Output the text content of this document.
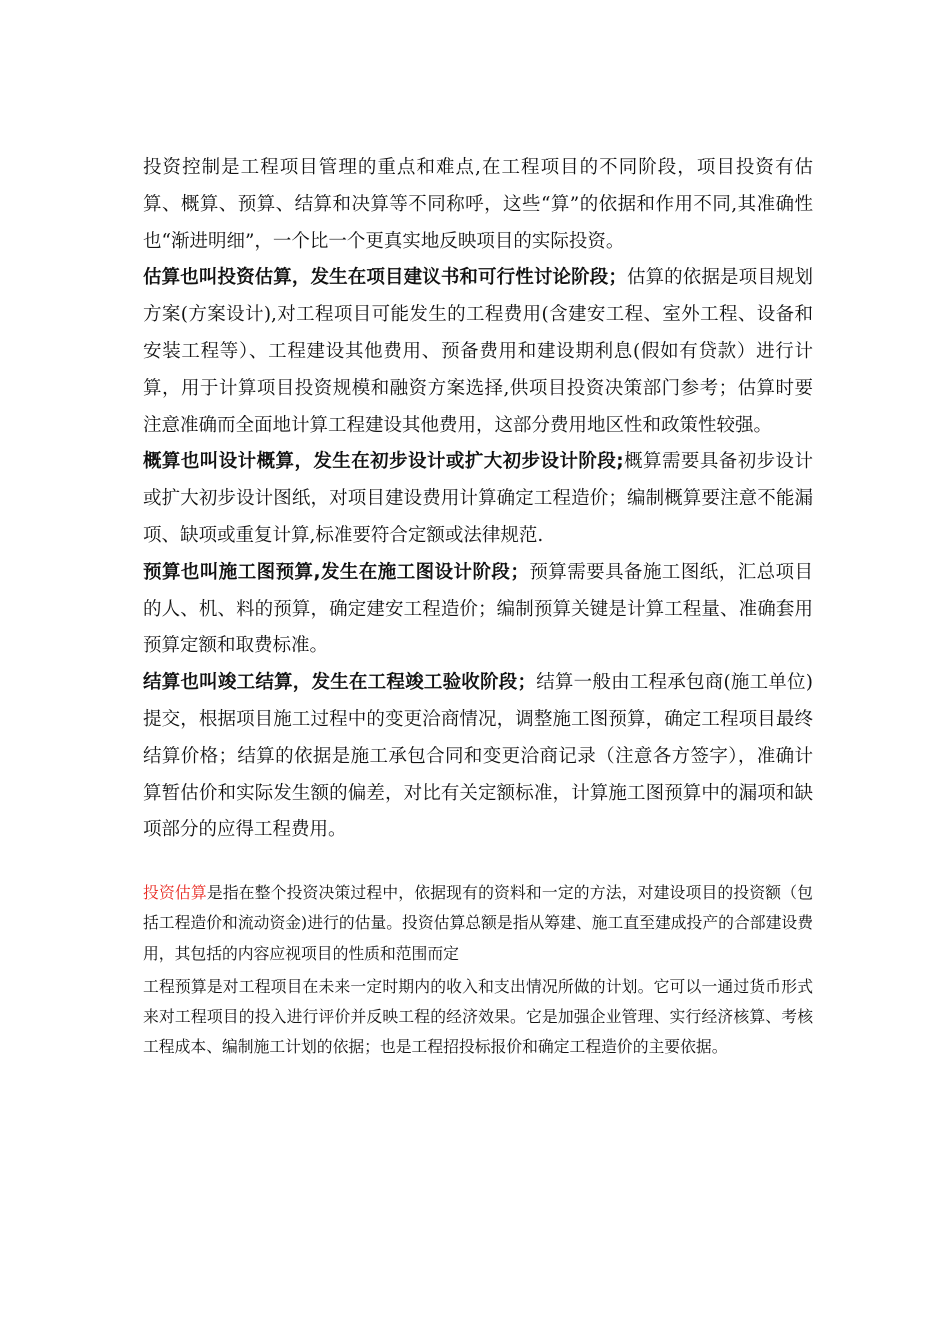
投资控制是工程项目管理的重点和难点,在工程项目的不同阶段，项目投资有估算、概算、预算、结算和决算等不同称呼，这些“算”的依据和作用不同,其准确性也“渐进明细”，一个比一个更真实地反映项目的实际投资。

估算也叫投资估算，发生在项目建议书和可行性讨论阶段；估算的依据是项目规划方案(方案设计),对工程项目可能发生的工程费用(含建安工程、室外工程、设备和安装工程等）、工程建设其他费用、预备费用和建设期利息(假如有贷款）进行计算，用于计算项目投资规模和融资方案选择,供项目投资决策部门参考；估算时要注意准确而全面地计算工程建设其他费用，这部分费用地区性和政策性较强。

概算也叫设计概算，发生在初步设计或扩大初步设计阶段;概算需要具备初步设计或扩大初步设计图纸，对项目建设费用计算确定工程造价；编制概算要注意不能漏项、缺项或重复计算,标准要符合定额或法律规范.

预算也叫施工图预算,发生在施工图设计阶段；预算需要具备施工图纸，汇总项目的人、机、料的预算，确定建安工程造价；编制预算关键是计算工程量、准确套用预算定额和取费标准。

结算也叫竣工结算，发生在工程竣工验收阶段；结算一般由工程承包商(施工单位)提交，根据项目施工过程中的变更洽商情况，调整施工图预算，确定工程项目最终结算价格；结算的依据是施工承包合同和变更洽商记录（注意各方签字），准确计算暂估价和实际发生额的偏差，对比有关定额标准，计算施工图预算中的漏项和缺项部分的应得工程费用。

投资估算是指在整个投资决策过程中，依据现有的资料和一定的方法，对建设项目的投资额（包括工程造价和流动资金)进行的估量。投资估算总额是指从筹建、施工直至建成投产的合部建设费用，其包括的内容应视项目的性质和范围而定

工程预算是对工程项目在未来一定时期内的收入和支出情况所做的计划。它可以一通过货币形式来对工程项目的投入进行评价并反映工程的经济效果。它是加强企业管理、实行经济核算、考核工程成本、编制施工计划的依据；也是工程招投标报价和确定工程造价的主要依据。
